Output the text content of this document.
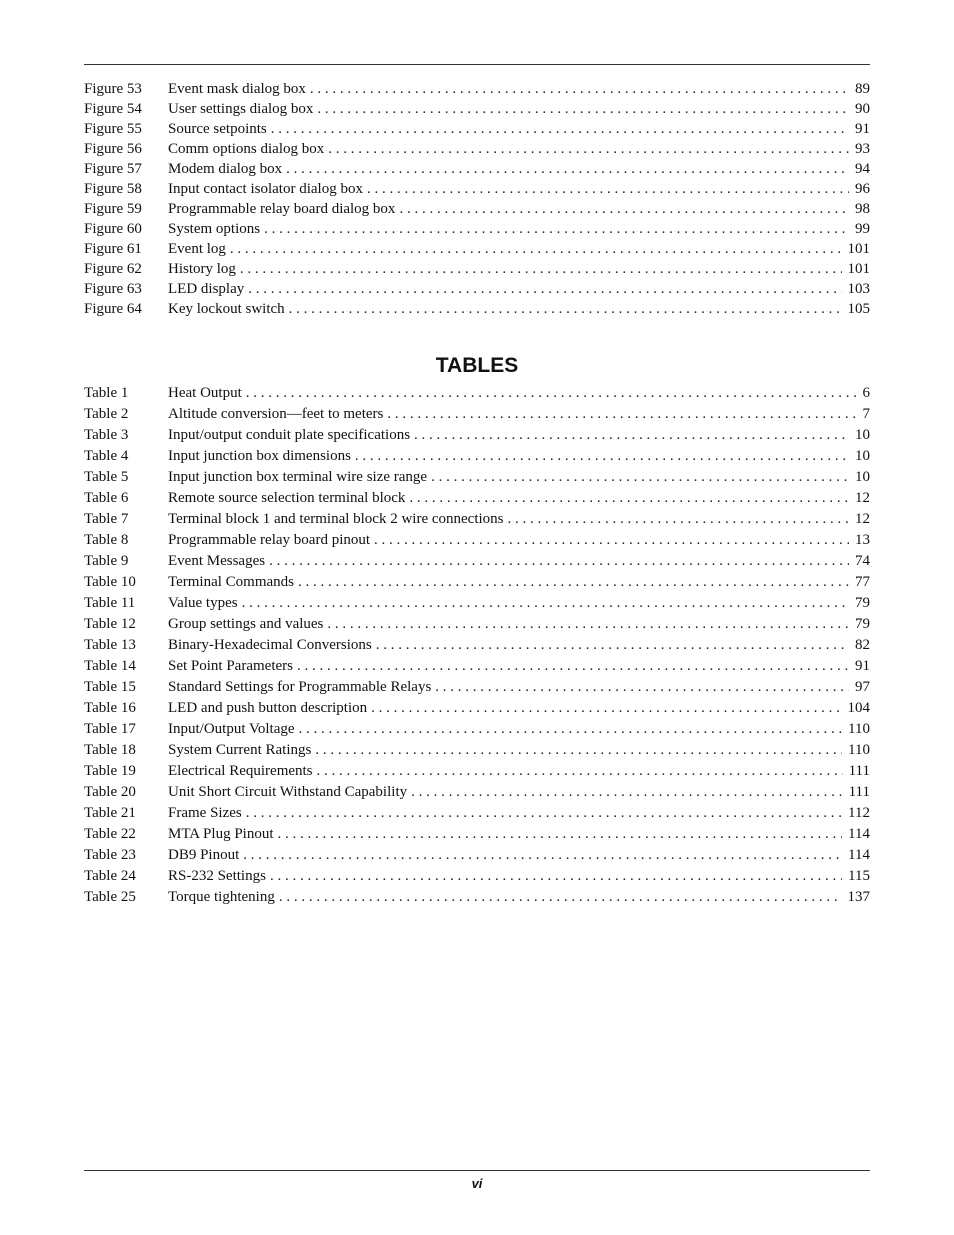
Figure 53	Event mask dialog box . . .	89
Figure 54	User settings dialog box . . .	90
Figure 55	Source setpoints . . .	91
Figure 56	Comm options dialog box . . .	93
Figure 57	Modem dialog box . . .	94
Figure 58	Input contact isolator dialog box . . .	96
Figure 59	Programmable relay board dialog box . . .	98
Figure 60	System options . . .	99
Figure 61	Event log . . .	101
Figure 62	History log . . .	101
Figure 63	LED display . . .	103
Figure 64	Key lockout switch . . .	105
TABLES
Table 1	Heat Output . . .	6
Table 2	Altitude conversion—feet to meters . . .	7
Table 3	Input/output conduit plate specifications . . .	10
Table 4	Input junction box dimensions . . .	10
Table 5	Input junction box terminal wire size range . . .	10
Table 6	Remote source selection terminal block . . .	12
Table 7	Terminal block 1 and terminal block 2 wire connections . . .	12
Table 8	Programmable relay board pinout . . .	13
Table 9	Event Messages . . .	74
Table 10	Terminal Commands . . .	77
Table 11	Value types . . .	79
Table 12	Group settings and values . . .	79
Table 13	Binary-Hexadecimal Conversions . . .	82
Table 14	Set Point Parameters . . .	91
Table 15	Standard Settings for Programmable Relays . . .	97
Table 16	LED and push button description . . .	104
Table 17	Input/Output Voltage . . .	110
Table 18	System Current Ratings . . .	110
Table 19	Electrical Requirements . . .	111
Table 20	Unit Short Circuit Withstand Capability . . .	111
Table 21	Frame Sizes . . .	112
Table 22	MTA Plug Pinout . . .	114
Table 23	DB9 Pinout . . .	114
Table 24	RS-232 Settings . . .	115
Table 25	Torque tightening . . .	137
vi
